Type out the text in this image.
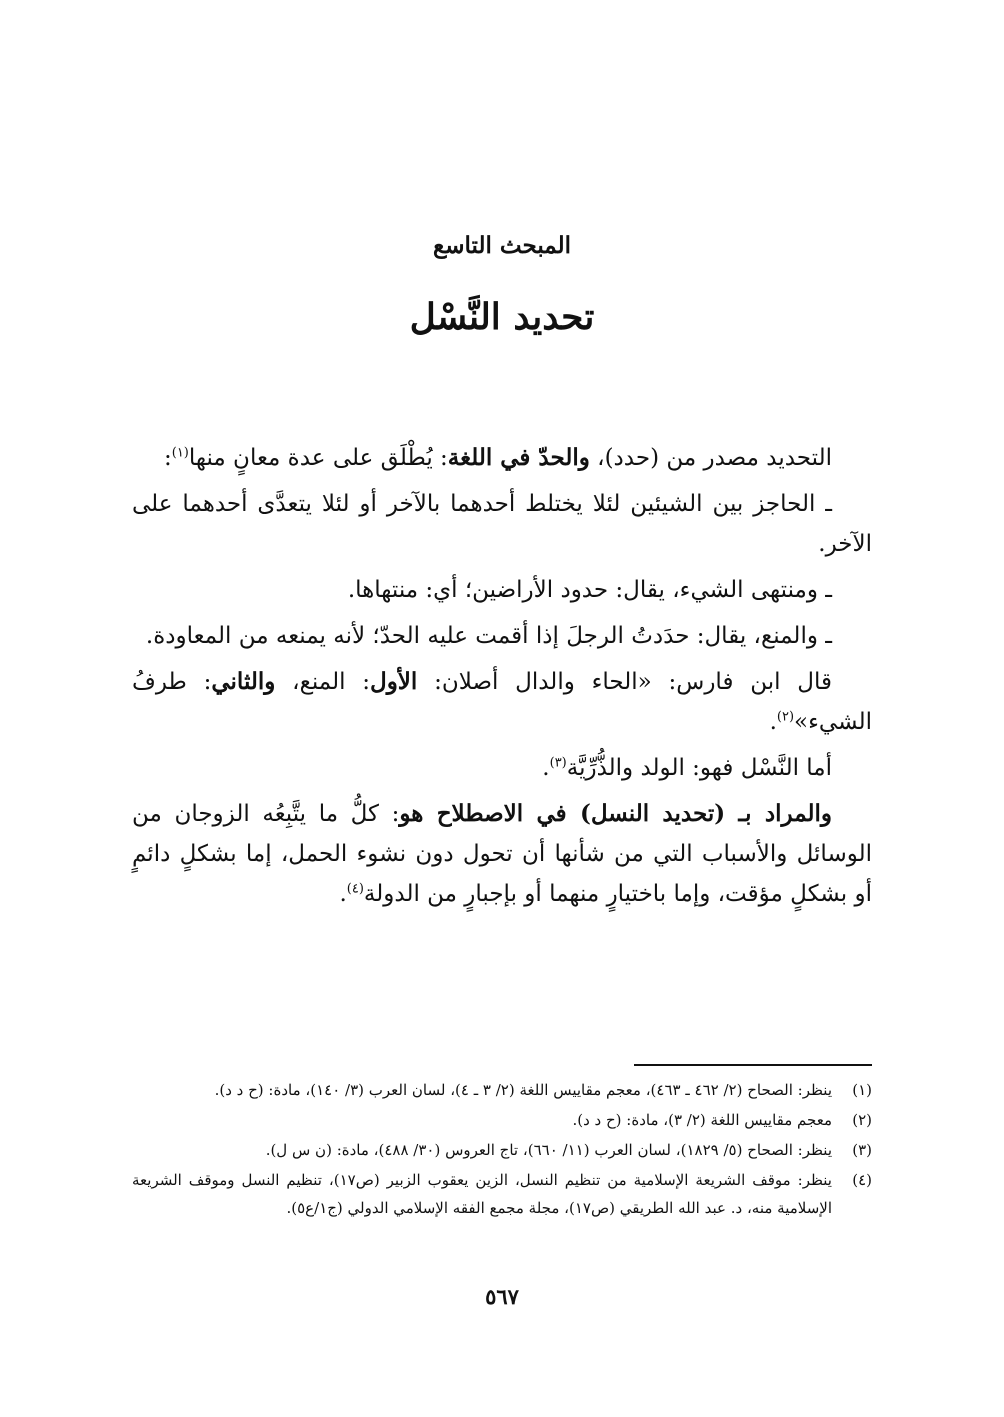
المبحث التاسع
تحديد النَّسْل

التحديد مصدر من (حدد)، والحدّ في اللغة: يُطْلَق على عدة معانٍ منها$^{(١)}$:

ـ الحاجز بين الشيئين لئلا يختلط أحدهما بالآخر أو لئلا يتعدَّى أحدهما على الآخر.

ـ ومنتهى الشيء، يقال: حدود الأراضين؛ أي: منتهاها.

ـ والمنع، يقال: حدَدتُ الرجلَ إذا أقمت عليه الحدّ؛ لأنه يمنعه من المعاودة.

قال ابن فارس: «الحاء والدال أصلان: الأول: المنع، والثاني: طرفُ الشيء»$^{(٢)}$.

أما النَّسْل فهو: الولد والذُّرِّيَّة$^{(٣)}$.

والمراد بـ (تحديد النسل) في الاصطلاح هو: كلُّ ما يتَّبِعُه الزوجان من الوسائل والأسباب التي من شأنها أن تحول دون نشوء الحمل، إما بشكلٍ دائمٍ أو بشكلٍ مؤقت، وإما باختيارٍ منهما أو بإجبارٍ من الدولة$^{(٤)}$.

(١)
ينظر: الصحاح (٢/ ٤٦٢ ـ ٤٦٣)، معجم مقاييس اللغة (٢/ ٣ ـ ٤)، لسان العرب (٣/ ١٤٠)، مادة: (ح د د).
(٢)
معجم مقاييس اللغة (٢/ ٣)، مادة: (ح د د).
(٣)
ينظر: الصحاح (٥/ ١٨٢٩)، لسان العرب (١١/ ٦٦٠)، تاج العروس (٣٠/ ٤٨٨)، مادة: (ن س ل).
(٤)
ينظر: موقف الشريعة الإسلامية من تنظيم النسل، الزين يعقوب الزبير (ص١٧)، تنظيم النسل وموقف الشريعة الإسلامية منه، د. عبد الله الطريقي (ص١٧)، مجلة مجمع الفقه الإسلامي الدولي (ج١/ع٥).
٥٦٧
